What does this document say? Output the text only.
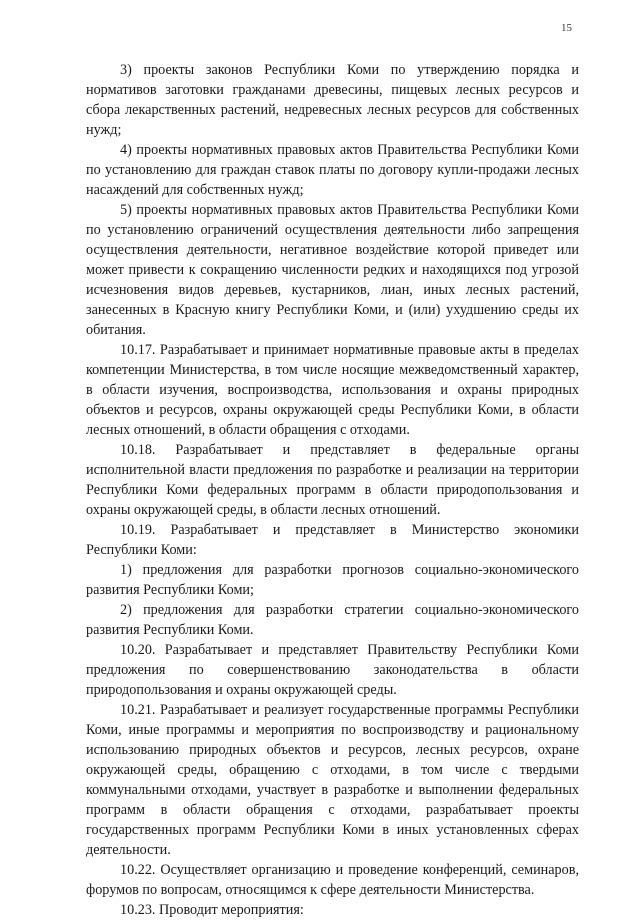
15

3) проекты законов Республики Коми по утверждению порядка и нормативов заготовки гражданами древесины, пищевых лесных ресурсов и сбора лекарственных растений, недревесных лесных ресурсов для собственных нужд;

4) проекты нормативных правовых актов Правительства Республики Коми по установлению для граждан ставок платы по договору купли-продажи лесных насаждений для собственных нужд;

5) проекты нормативных правовых актов Правительства Республики Коми по установлению ограничений осуществления деятельности либо запрещения осуществления деятельности, негативное воздействие которой приведет или может привести к сокращению численности редких и находящихся под угрозой исчезновения видов деревьев, кустарников, лиан, иных лесных растений, занесенных в Красную книгу Республики Коми, и (или) ухудшению среды их обитания.

10.17. Разрабатывает и принимает нормативные правовые акты в пределах компетенции Министерства, в том числе носящие межведомственный характер, в области изучения, воспроизводства, использования и охраны природных объектов и ресурсов, охраны окружающей среды Республики Коми, в области лесных отношений, в области обращения с отходами.

10.18. Разрабатывает и представляет в федеральные органы исполнительной власти предложения по разработке и реализации на территории Республики Коми федеральных программ в области природопользования и охраны окружающей среды, в области лесных отношений.

10.19. Разрабатывает и представляет в Министерство экономики Республики Коми:

1) предложения для разработки прогнозов социально-экономического развития Республики Коми;

2) предложения для разработки стратегии социально-экономического развития Республики Коми.

10.20. Разрабатывает и представляет Правительству Республики Коми предложения по совершенствованию законодательства в области природопользования и охраны окружающей среды.

10.21. Разрабатывает и реализует государственные программы Республики Коми, иные программы и мероприятия по воспроизводству и рациональному использованию природных объектов и ресурсов, лесных ресурсов, охране окружающей среды, обращению с отходами, в том числе с твердыми коммунальными отходами, участвует в разработке и выполнении федеральных программ в области обращения с отходами, разрабатывает проекты государственных программ Республики Коми в иных установленных сферах деятельности.

10.22. Осуществляет организацию и проведение конференций, семинаров, форумов по вопросам, относящимся к сфере деятельности Министерства.

10.23. Проводит мероприятия:
